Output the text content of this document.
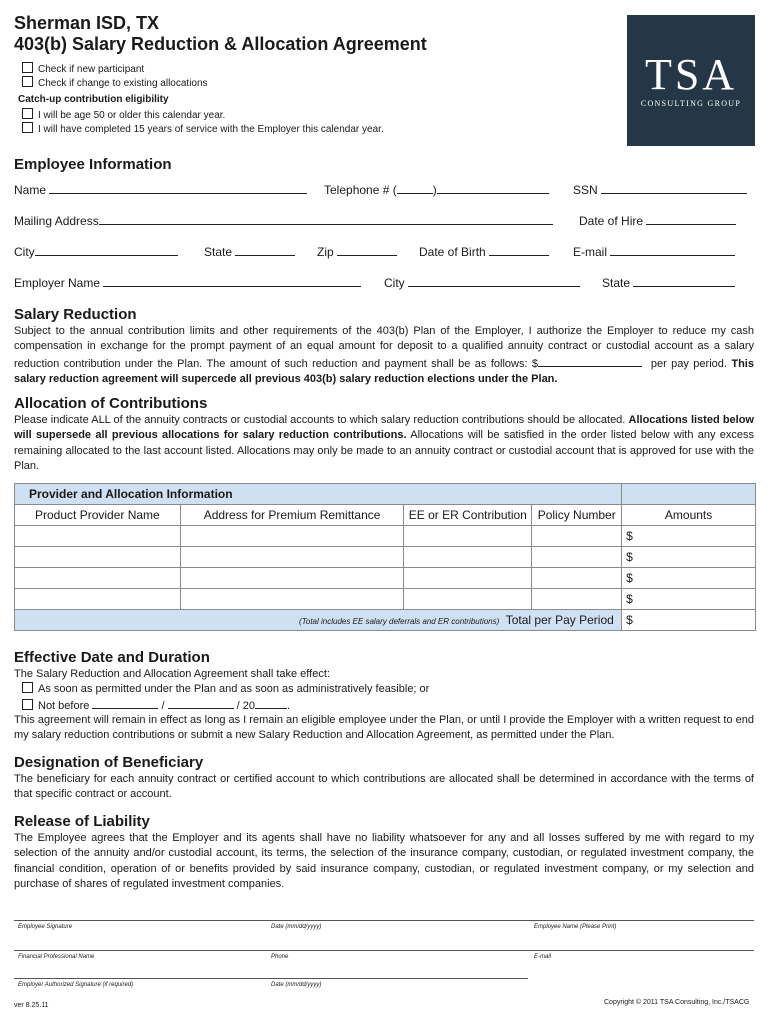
Sherman ISD, TX
403(b) Salary Reduction & Allocation Agreement
Check if new participant
Check if change to existing allocations
Catch-up contribution eligibility
I will be age 50 or older this calendar year.
I will have completed 15 years of service with the Employer this calendar year.
TSA
CONSULTING GROUP
Employee Information
Name	Telephone # (	)	SSN
Mailing Address	Date of Hire
City	State	Zip	Date of Birth	E-mail
Employer Name	City	State
Salary Reduction
Subject to the annual contribution limits and other requirements of the 403(b) Plan of the Employer, I authorize the Employer to reduce my cash compensation in exchange for the prompt payment of an equal amount for deposit to a qualified annuity contract or custodial account as a salary reduction contribution under the Plan. The amount of such reduction and payment shall be as follows: $	per pay period. This salary reduction agreement will supercede all previous 403(b) salary reduction elections under the Plan.
Allocation of Contributions
Please indicate ALL of the annuity contracts or custodial accounts to which salary reduction contributions should be allocated. Allocations listed below will supersede all previous allocations for salary reduction contributions. Allocations will be satisfied in the order listed below with any excess remaining allocated to the last account listed. Allocations may only be made to an annuity contract or custodial account that is approved for use with the Plan.
Provider and Allocation Information				
Product Provider Name	Address for Premium Remittance	EE or ER Contribution	Policy Number	Amounts
				$
				$
				$
				$
(Total includes EE salary deferrals and ER contributions) Total per Pay Period				$
Effective Date and Duration
The Salary Reduction and Allocation Agreement shall take effect:
As soon as permitted under the Plan and as soon as administratively feasible; or
Not before	/	/ 20	.
This agreement will remain in effect as long as I remain an eligible employee under the Plan, or until I provide the Employer with a written request to end my salary reduction contributions or submit a new Salary Reduction and Allocation Agreement, as permitted under the Plan.
Designation of Beneficiary
The beneficiary for each annuity contract or certified account to which contributions are allocated shall be determined in accordance with the terms of that specific contract or account.
Release of Liability
The Employee agrees that the Employer and its agents shall have no liability whatsoever for any and all losses suffered by me with regard to my selection of the annuity and/or custodial account, its terms, the selection of the insurance company, custodian, or regulated investment company, the financial condition, operation of or benefits provided by said insurance company, custodian, or regulated investment company, or my selection and purchase of shares of regulated investment companies.
Employee Signature	Date (mm/dd/yyyy)	Employee Name (Please Print)
Financial Professional Name	Phone	E-mail
Employer Authorized Signature (if required)	Date (mm/dd/yyyy)
ver 8.25.11	Copyright © 2011 TSA Consulting, Inc./TSACG
